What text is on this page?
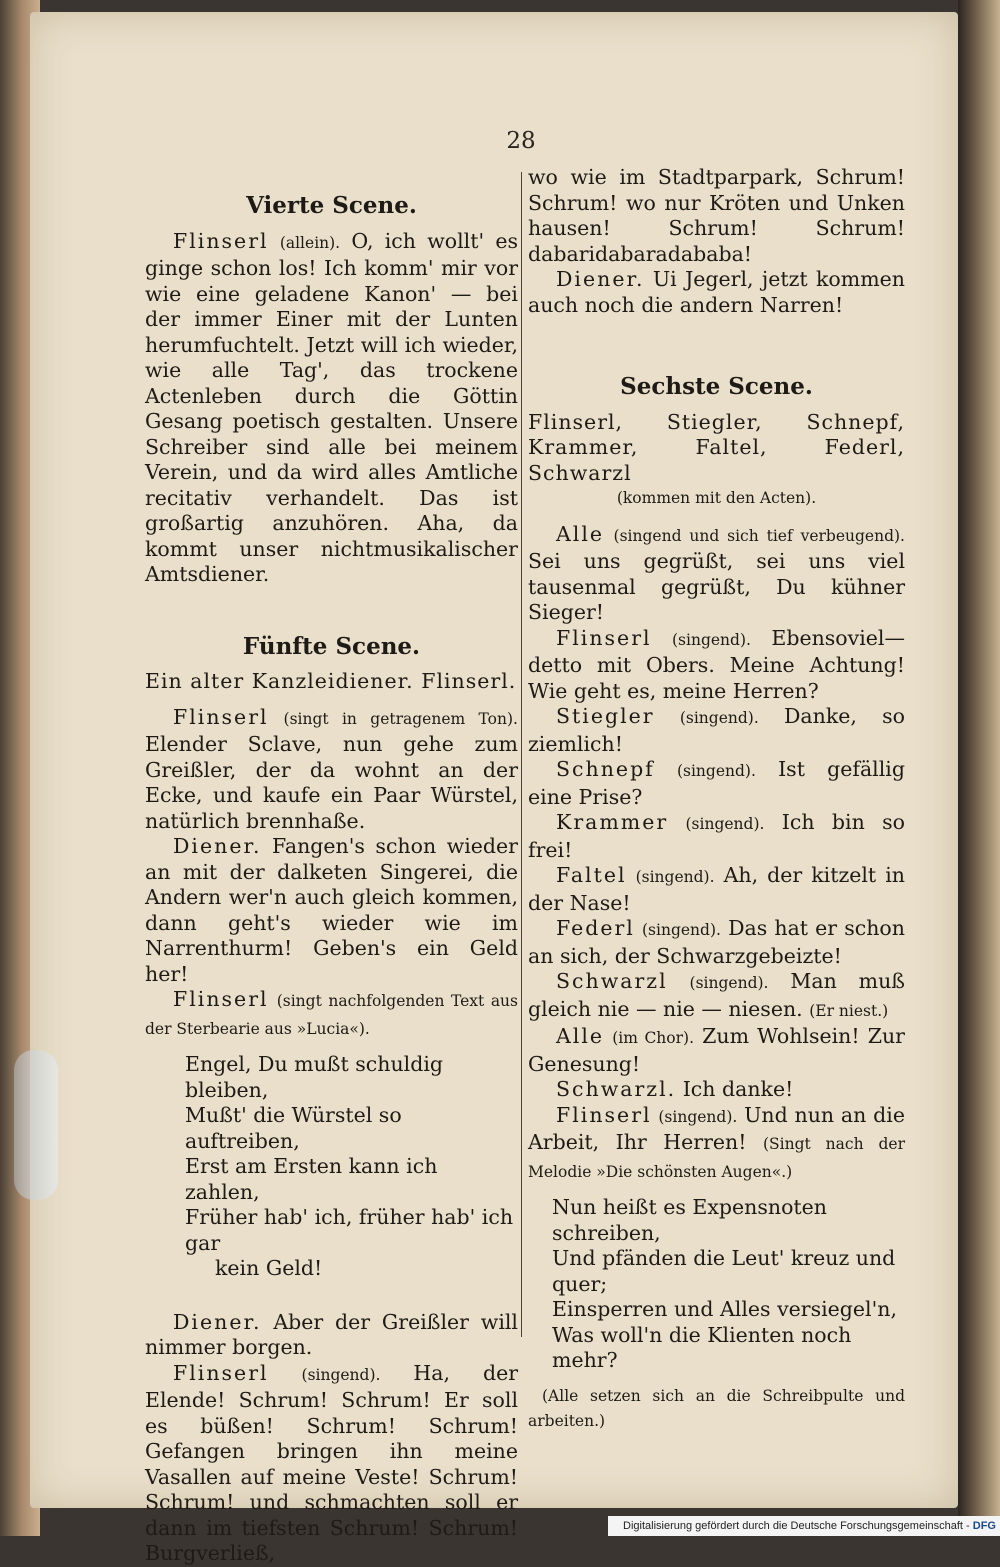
28
Vierte Scene.

Flinserl (allein). O, ich wollt' es ginge schon los! Ich komm' mir vor wie eine geladene Kanon' — bei der immer Einer mit der Lunten herumfuchtelt. Jetzt will ich wieder, wie alle Tag', das trockene Actenleben durch die Göttin Gesang poetisch gestalten. Unsere Schreiber sind alle bei meinem Verein, und da wird alles Amtliche recitativ verhandelt. Das ist großartig anzuhören. Aha, da kommt unser nichtmusikalischer Amtsdiener.

Fünfte Scene.

Ein alter Kanzleidiener. Flinserl.

Flinserl (singt in getragenem Ton). Elender Sclave, nun gehe zum Greißler, der da wohnt an der Ecke, und kaufe ein Paar Würstel, natürlich brennhaße.

Diener. Fangen's schon wieder an mit der dalketen Singerei, die Andern wer'n auch gleich kommen, dann geht's wieder wie im Narrenthurm! Geben's ein Geld her!

Flinserl (singt nachfolgenden Text aus der Sterbearie aus »Lucia«).

Engel, Du mußt schuldig bleiben,
Mußt' die Würstel so auftreiben,
Erst am Ersten kann ich zahlen,
Früher hab' ich, früher hab' ich gar
kein Geld!

Diener. Aber der Greißler will nimmer borgen.

Flinserl (singend). Ha, der Elende! Schrum! Schrum! Er soll es büßen! Schrum! Schrum! Gefangen bringen ihn meine Vasallen auf meine Veste! Schrum! Schrum! und schmachten soll er dann im tiefsten Schrum! Schrum! Burgverließ,

wo wie im Stadtparpark, Schrum! Schrum! wo nur Kröten und Unken hausen! Schrum! Schrum! dabaridabaradababa!

Diener. Ui Jegerl, jetzt kommen auch noch die andern Narren!

Sechste Scene.

Flinserl, Stiegler, Schnepf, Krammer, Faltel, Federl, Schwarzl

(kommen mit den Acten).

Alle (singend und sich tief verbeugend). Sei uns gegrüßt, sei uns viel tausenmal gegrüßt, Du kühner Sieger!

Flinserl (singend). Ebensoviel—detto mit Obers. Meine Achtung! Wie geht es, meine Herren?

Stiegler (singend). Danke, so ziemlich!

Schnepf (singend). Ist gefällig eine Prise?

Krammer (singend). Ich bin so frei!

Faltel (singend). Ah, der kitzelt in der Nase!

Federl (singend). Das hat er schon an sich, der Schwarzgebeizte!

Schwarzl (singend). Man muß gleich nie — nie — niesen. (Er niest.)

Alle (im Chor). Zum Wohlsein! Zur Genesung!

Schwarzl. Ich danke!

Flinserl (singend). Und nun an die Arbeit, Ihr Herren! (Singt nach der Melodie »Die schönsten Augen«.)

Nun heißt es Expensnoten schreiben,
Und pfänden die Leut' kreuz und quer;
Einsperren und Alles versiegel'n,
Was woll'n die Klienten noch mehr?

(Alle setzen sich an die Schreibpulte und arbeiten.)

Digitalisierung gefördert durch die Deutsche Forschungsgemeinschaft - DFG
